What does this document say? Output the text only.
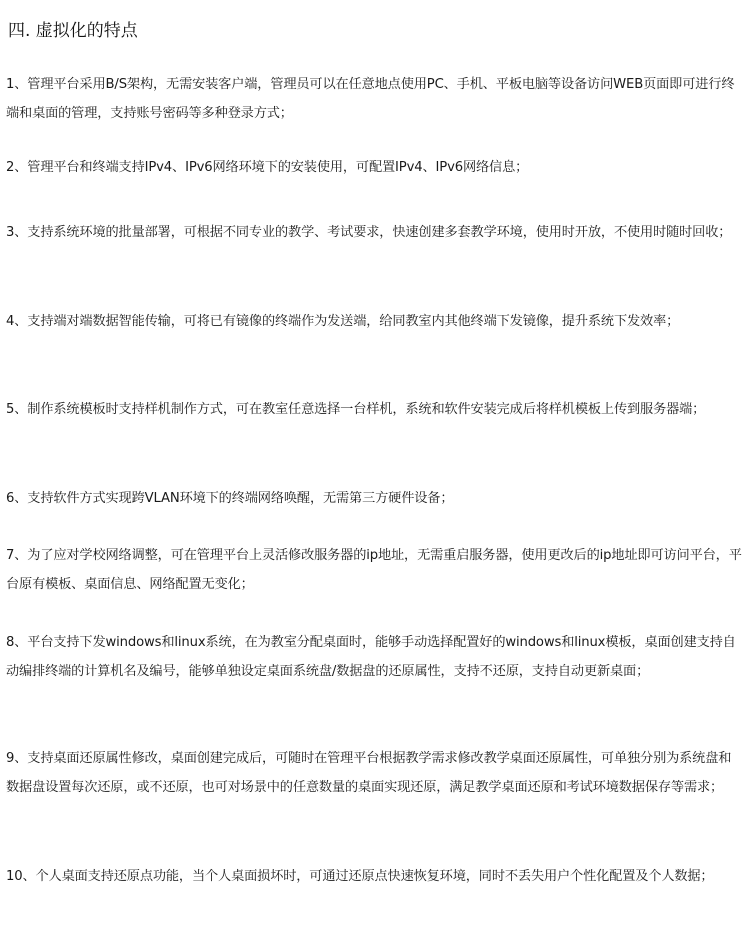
四. 虚拟化的特点

1、管理平台采用B/S架构，无需安装客户端，管理员可以在任意地点使用PC、手机、平板电脑等设备访问WEB页面即可进行终端和桌面的管理，支持账号密码等多种登录方式；

2、管理平台和终端支持IPv4、IPv6网络环境下的安装使用，可配置IPv4、IPv6网络信息；

3、支持系统环境的批量部署，可根据不同专业的教学、考试要求，快速创建多套教学环境，使用时开放，不使用时随时回收；

4、支持端对端数据智能传输，可将已有镜像的终端作为发送端，给同教室内其他终端下发镜像，提升系统下发效率；

5、制作系统模板时支持样机制作方式，可在教室任意选择一台样机，系统和软件安装完成后将样机模板上传到服务器端；

6、支持软件方式实现跨VLAN环境下的终端网络唤醒，无需第三方硬件设备；

7、为了应对学校网络调整，可在管理平台上灵活修改服务器的ip地址，无需重启服务器，使用更改后的ip地址即可访问平台，平台原有模板、桌面信息、网络配置无变化；

8、平台支持下发windows和linux系统，在为教室分配桌面时，能够手动选择配置好的windows和linux模板，桌面创建支持自动编排终端的计算机名及编号，能够单独设定桌面系统盘/数据盘的还原属性，支持不还原，支持自动更新桌面；

9、支持桌面还原属性修改，桌面创建完成后，可随时在管理平台根据教学需求修改教学桌面还原属性，可单独分别为系统盘和数据盘设置每次还原，或不还原，也可对场景中的任意数量的桌面实现还原，满足教学桌面还原和考试环境数据保存等需求；

10、个人桌面支持还原点功能，当个人桌面损坏时，可通过还原点快速恢复环境，同时不丢失用户个性化配置及个人数据；
